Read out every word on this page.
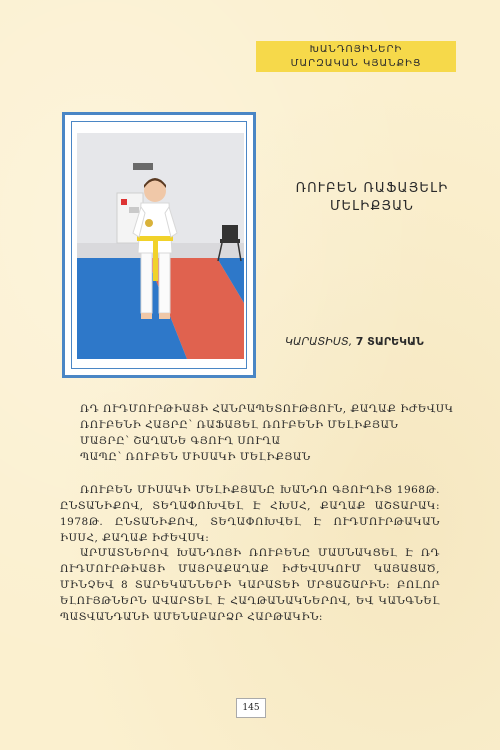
ԽԱՆԴՈՅԻՆԵՐԻ
ՄԱՐԶԱԿԱՆ ԿՅԱՆՔԻՑ
ՌՈՒԲԵՆ ՌԱՖԱՅԵԼԻ
ՄԵԼԻՔՅԱՆ
ԿԱՐԱՏԻՍՏ, 7 ՏԱՐԵԿԱՆ
ՌԴ ՈՒԴՄՈՒՐԹԻԱՅԻ ՀԱՆՐԱՊԵՏՈՒԹՅՈՒՆ, ՔԱՂԱՔ ԻԺԵՎՍԿ
ՌՈՒԲԵՆԻ ՀԱՅՐԸ՝ ՌԱՖԱՅԵԼ ՌՈՒԲԵՆԻ ՄԵԼԻՔՅԱՆ
ՄԱՅՐԸ՝ ՇԱՂԱՆԵ ԳՅՈՒՂ ՍՈՒՂԱ
ՊԱՊԸ՝ ՌՈՒԲԵՆ ՄԻՍԱԿԻ ՄԵԼԻՔՅԱՆ
ՌՈՒԲԵՆ ՄԻՍԱԿԻ ՄԵԼԻՔՅԱՆԸ ԽԱՆԴՈ ԳՅՈՒՂԻՑ 1968Թ. ԸՆՏԱՆԻՔՈՎ, ՏԵՂԱՓՈԽՎԵԼ Է ՀԽՍՀ, ՔԱՂԱՔ ԱՇՏԱՐԱԿ: 1978Թ. ԸՆՏԱՆԻՔՈՎ, ՏԵՂԱՓՈԽՎԵԼ Է ՈՒԴՄՈՒՐԹԱԿԱՆ ԻՍՍՀ, ՔԱՂԱՔ ԻԺԵՎՍԿ:
ԱՐՄԱՏՆԵՐՈՎ ԽԱՆԴՈՅԻ ՌՈՒԲԵՆԸ ՄԱՍՆԱԿՑԵԼ Է ՌԴ ՈՒԴՄՈՒՐԹԻԱՅԻ ՄԱՅՐԱՔԱՂԱՔ ԻԺԵՎՍԿՈՒՄ ԿԱՅԱՑԱԾ, ՄԻՆՉԵՎ 8 ՏԱՐԵԿԱՆՆԵՐԻ ԿԱՐԱՏԵԻ ՄՐՑԱՇԱՐԻՆ: ԲՈԼՈՐ ԵԼՈՒՅԹՆԵՐՆ ԱՎԱՐՏԵԼ Է ՀԱՂԹԱՆԱԿՆԵՐՈՎ, ԵՎ ԿԱՆԳՆԵԼ ՊԱՏՎԱՆԴԱՆԻ ԱՄԵՆԱԲԱՐՁՐ ՀԱՐԹԱԿԻՆ:
145
